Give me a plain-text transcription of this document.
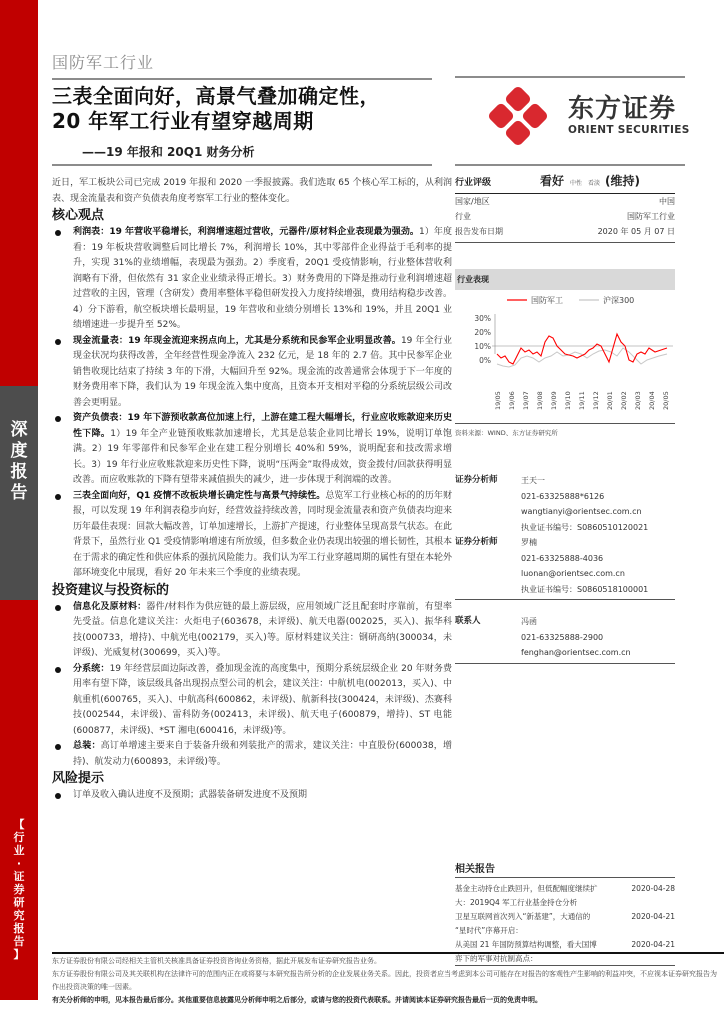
深
度
报
告
【
行
业
·
证
券
研
究
报
告
】
国防军工行业
三表全面向好，高景气叠加确定性，
20 年军工行业有望穿越周期
——19 年报和 20Q1 财务分析
东方证券
ORIENT SECURITIES
行业评级	看好 中性 看淡 (维持)
国家/地区	中国
行业	国防军工行业
报告发布日期	2020 年 05 月 07 日
行业表现
国防军工	沪深300
30%
20%
10%
0%
19/05 19/06 19/07 19/08 19/09 19/10 19/11 19/12 20/01 20/02 20/03 20/04 20/05
资料来源：WIND、东方证券研究所
证券分析师	王天一
021-63325888*6126
wangtianyi@orientsec.com.cn
执业证书编号：S0860510120021
证券分析师	罗楠
021-63325888-4036
luonan@orientsec.com.cn
执业证书编号：S0860518100001
联系人	冯函
021-63325888-2900
fenghan@orientsec.com.cn
相关报告
基金主动持仓止跌回升，但低配幅度继续扩	2020-04-28
大：2019Q4 军工行业基金持仓分析
卫星互联网首次列入“新基建”，大通信的	2020-04-21
“星时代”序幕开启：
从美国 21 年国防预算结构调整，看大国博	2020-04-21
弈下的军事对抗制高点：
近日，军工板块公司已完成 2019 年报和 2020 一季报披露。我们选取 65 个核心军工标的，从利润表、现金流量表和资产负债表角度考察军工行业的整体变化。
核心观点
利润表：19 年营收平稳增长，利润增速超过营收，元器件/原材料企业表现最为强劲。1）年度看：19 年板块营收调整后同比增长 7%，利润增长 10%，其中零部件企业得益于毛利率的提升，实现 31%的业绩增幅，表现最为强劲。2）季度看，20Q1 受疫情影响，行业整体营收利润略有下滑，但依然有 31 家企业业绩录得正增长。3）财务费用的下降是推动行业利润增速超过营收的主因，管理（含研发）费用率整体平稳但研发投入力度持续增强，费用结构稳步改善。4）分下游看，航空板块增长最明显，19 年营收和业绩分别增长 13%和 19%，并且 20Q1 业绩增速进一步提升至 52%。
现金流量表：19 年现金流迎来拐点向上，尤其是分系统和民参军企业明显改善。19 年全行业现金状况均获得改善，全年经营性现金净流入 232 亿元，是 18 年的 2.7 倍。其中民参军企业销售收现比结束了持续 3 年的下滑，大幅回升至 92%。现金流的改善通常会体现于下一年度的财务费用率下降，我们认为 19 年现金流入集中度高，且资本开支相对平稳的分系统层级公司改善会更明显。
资产负债表：19 年下游预收款高位加速上行，上游在建工程大幅增长，行业应收账款迎来历史性下降。1）19 年全产业链预收账款加速增长，尤其是总装企业同比增长 19%，说明订单饱满。2）19 年零部件和民参军企业在建工程分别增长 40%和 59%，说明配套和技改需求增长。3）19 年行业应收账款迎来历史性下降，说明“压两金”取得成效，资金拨付/回款获得明显改善。而应收账款的下降有望带来减值损失的减少，进一步体现于利润端的改善。
三表全面向好，Q1 疫情不改板块增长确定性与高景气持续性。总览军工行业核心标的的历年财报，可以发现 19 年利润表稳步向好，经营效益持续改善，同时现金流量表和资产负债表均迎来历年最佳表现：回款大幅改善，订单加速增长，上游扩产提速，行业整体呈现高景气状态。在此背景下，虽然行业 Q1 受疫情影响增速有所放缓，但多数企业仍表现出较强的增长韧性，其根本在于需求的确定性和供应体系的强抗风险能力。我们认为军工行业穿越周期的属性有望在本轮外部环境变化中展现，看好 20 年未来三个季度的业绩表现。
投资建议与投资标的
信息化及原材料：器件/材料作为供应链的最上游层级，应用领域广泛且配套时序靠前，有望率先受益。信息化建议关注：火炬电子(603678，未评级)、航天电器(002025，买入)、振华科技(000733，增持)、中航光电(002179，买入)等。原材料建议关注：钢研高纳(300034，未评级)、光威复材(300699，买入)等。
分系统：19 年经营层面边际改善，叠加现金流的高度集中，预期分系统层级企业 20 年财务费用率有望下降，该层级具备出现拐点型公司的机会，建议关注：中航机电(002013，买入)、中航重机(600765，买入)、中航高科(600862，未评级)、航新科技(300424，未评级)、杰赛科技(002544，未评级)、雷科防务(002413，未评级)、航天电子(600879，增持)、ST 电能(600877，未评级)、*ST 湘电(600416，未评级)等。
总装：高订单增速主要来自于装备升级和列装批产的需求，建议关注：中直股份(600038，增持)、航发动力(600893，未评级)等。
风险提示
订单及收入确认进度不及预期；武器装备研发进度不及预期
东方证券股份有限公司经相关主管机关核准具备证券投资咨询业务资格，据此开展发布证券研究报告业务。
东方证券股份有限公司及其关联机构在法律许可的范围内正在或将要与本研究报告所分析的企业发展业务关系。因此，投资者应当考虑到本公司可能存在对报告的客观性产生影响的利益冲突，不应视本证券研究报告为作出投资决策的唯一因素。
有关分析师的申明，见本报告最后部分。其他重要信息披露见分析师申明之后部分，或请与您的投资代表联系。并请阅读本证券研究报告最后一页的免责申明。
